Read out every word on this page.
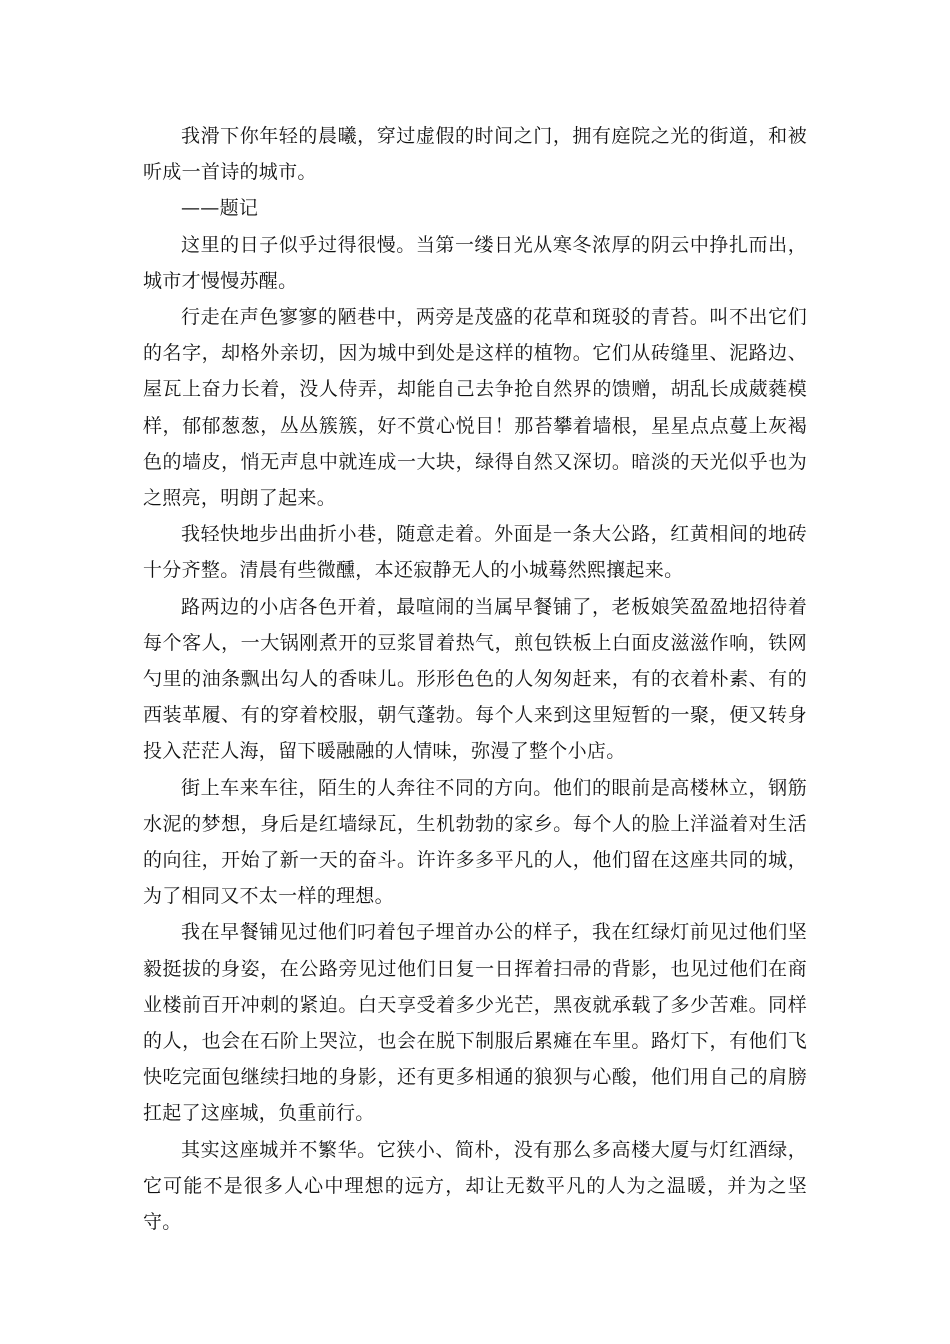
我滑下你年轻的晨曦，穿过虚假的时间之门，拥有庭院之光的街道，和被听成一首诗的城市。

——题记

这里的日子似乎过得很慢。当第一缕日光从寒冬浓厚的阴云中挣扎而出，城市才慢慢苏醒。

行走在声色寥寥的陋巷中，两旁是茂盛的花草和斑驳的青苔。叫不出它们的名字，却格外亲切，因为城中到处是这样的植物。它们从砖缝里、泥路边、屋瓦上奋力长着，没人侍弄，却能自己去争抢自然界的馈赠，胡乱长成葳蕤模样，郁郁葱葱，丛丛簇簇，好不赏心悦目！那苔攀着墙根，星星点点蔓上灰褐色的墙皮，悄无声息中就连成一大块，绿得自然又深切。暗淡的天光似乎也为之照亮，明朗了起来。

我轻快地步出曲折小巷，随意走着。外面是一条大公路，红黄相间的地砖十分齐整。清晨有些微醺，本还寂静无人的小城蓦然熙攘起来。

路两边的小店各色开着，最喧闹的当属早餐铺了，老板娘笑盈盈地招待着每个客人，一大锅刚煮开的豆浆冒着热气，煎包铁板上白面皮滋滋作响，铁网勺里的油条飘出勾人的香味儿。形形色色的人匆匆赶来，有的衣着朴素、有的西装革履、有的穿着校服，朝气蓬勃。每个人来到这里短暂的一聚，便又转身投入茫茫人海，留下暖融融的人情味，弥漫了整个小店。

街上车来车往，陌生的人奔往不同的方向。他们的眼前是高楼林立，钢筋水泥的梦想，身后是红墙绿瓦，生机勃勃的家乡。每个人的脸上洋溢着对生活的向往，开始了新一天的奋斗。许许多多平凡的人，他们留在这座共同的城，为了相同又不太一样的理想。

我在早餐铺见过他们叼着包子埋首办公的样子，我在红绿灯前见过他们坚毅挺拔的身姿，在公路旁见过他们日复一日挥着扫帚的背影，也见过他们在商业楼前百开冲刺的紧迫。白天享受着多少光芒，黑夜就承载了多少苦难。同样的人，也会在石阶上哭泣，也会在脱下制服后累瘫在车里。路灯下，有他们飞快吃完面包继续扫地的身影，还有更多相通的狼狈与心酸，他们用自己的肩膀扛起了这座城，负重前行。

其实这座城并不繁华。它狭小、简朴，没有那么多高楼大厦与灯红酒绿，它可能不是很多人心中理想的远方，却让无数平凡的人为之温暖，并为之坚守。
